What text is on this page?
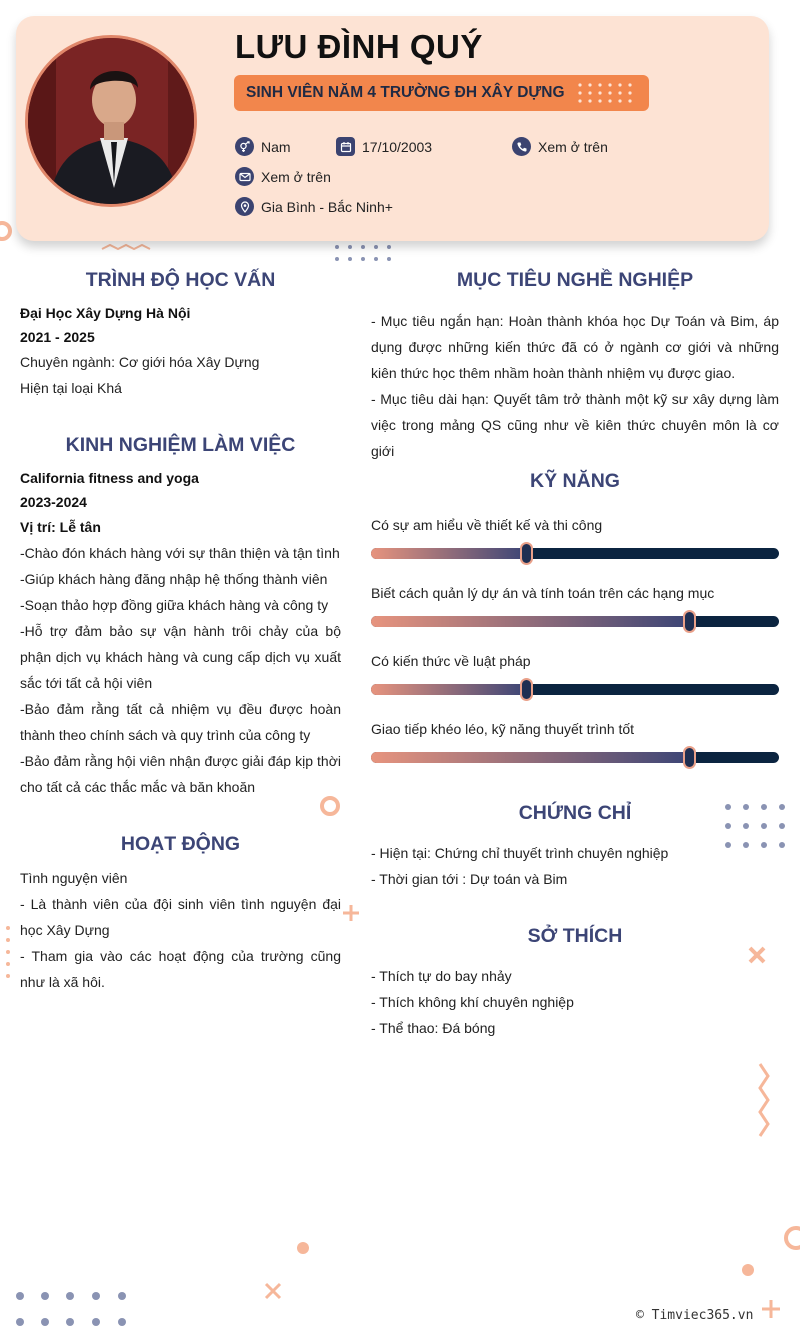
LƯU ĐÌNH QUÝ
SINH VIÊN NĂM 4 TRƯỜNG ĐH XÂY DỰNG
Nam	17/10/2003	Xem ở trên
Xem ở trên
Gia Bình - Bắc Ninh+
TRÌNH ĐỘ HỌC VẤN
Đại Học Xây Dựng Hà Nội
2021 - 2025
Chuyên ngành: Cơ giới hóa Xây Dựng
Hiện tại loại Khá
KINH NGHIỆM LÀM VIỆC
California fitness and yoga
2023-2024
Vị trí: Lễ tân
-Chào đón khách hàng với sự thân thiện và tận tình
-Giúp khách hàng đăng nhập hệ thống thành viên
-Soạn thảo hợp đồng giữa khách hàng và công ty
-Hỗ trợ đảm bảo sự vận hành trôi chảy của bộ phận dịch vụ khách hàng và cung cấp dịch vụ xuất sắc tới tất cả hội viên
-Bảo đảm rằng tất cả nhiệm vụ đều được hoàn thành theo chính sách và quy trình của công ty
-Bảo đảm rằng hội viên nhận được giải đáp kịp thời cho tất cả các thắc mắc và băn khoăn
HOẠT ĐỘNG
Tình nguyện viên
- Là thành viên của đội sinh viên tình nguyện đại học Xây Dựng
- Tham gia vào các hoạt động của trường cũng như là xã hôi.
MỤC TIÊU NGHỀ NGHIỆP
- Mục tiêu ngắn hạn: Hoàn thành khóa học Dự Toán và Bim, áp dụng được những kiến thức đã có ở ngành cơ giới và những kiên thức học thêm nhầm hoàn thành nhiệm vụ được giao.
- Mục tiêu dài hạn: Quyết tâm trở thành một kỹ sư xây dựng làm việc trong mảng QS cũng như về kiên thức chuyên môn là cơ giới
KỸ NĂNG
Có sự am hiểu về thiết kế và thi công
Biết cách quản lý dự án và tính toán trên các hạng mục
Có kiến thức về luật pháp
Giao tiếp khéo léo, kỹ năng thuyết trình tốt
CHỨNG CHỈ
- Hiện tại: Chứng chỉ thuyết trình chuyên nghiệp
- Thời gian tới : Dự toán và Bim
SỞ THÍCH
- Thích tự do bay nhảy
- Thích không khí chuyên nghiệp
- Thể thao: Đá bóng
© Timviec365.vn
